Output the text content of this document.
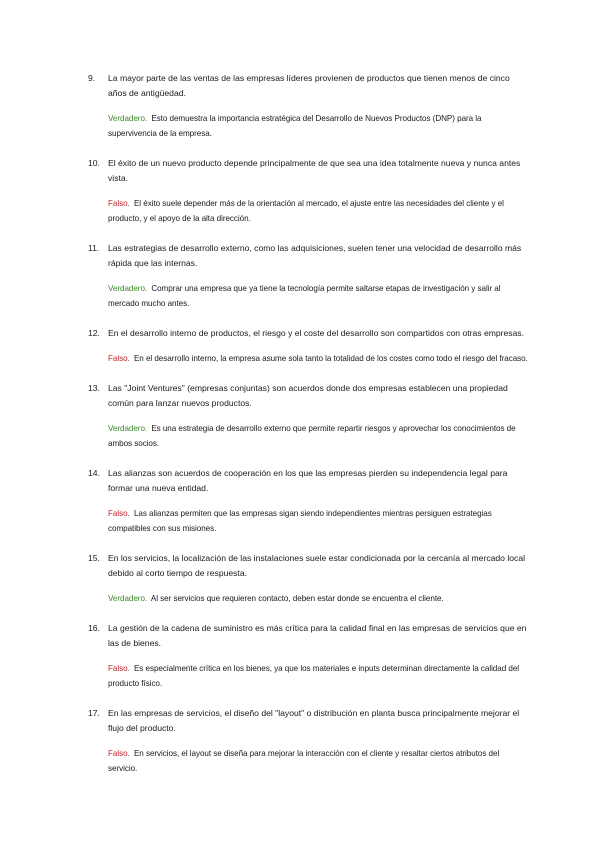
9.	La mayor parte de las ventas de las empresas líderes provienen de productos que tienen menos de cinco años de antigüedad.
Verdadero. Esto demuestra la importancia estratégica del Desarrollo de Nuevos Productos (DNP) para la supervivencia de la empresa.
10. El éxito de un nuevo producto depende principalmente de que sea una idea totalmente nueva y nunca antes vista.
Falso. El éxito suele depender más de la orientación al mercado, el ajuste entre las necesidades del cliente y el producto, y el apoyo de la alta dirección.
11.	Las estrategias de desarrollo externo, como las adquisiciones, suelen tener una velocidad de desarrollo más rápida que las internas.
Verdadero. Comprar una empresa que ya tiene la tecnología permite saltarse etapas de investigación y salir al mercado mucho antes.
12. En el desarrollo interno de productos, el riesgo y el coste del desarrollo son compartidos con otras empresas.
Falso. En el desarrollo interno, la empresa asume sola tanto la totalidad de los costes como todo el riesgo del fracaso.
13. Las "Joint Ventures" (empresas conjuntas) son acuerdos donde dos empresas establecen una propiedad común para lanzar nuevos productos.
Verdadero. Es una estrategia de desarrollo externo que permite repartir riesgos y aprovechar los conocimientos de ambos socios.
14. Las alianzas son acuerdos de cooperación en los que las empresas pierden su independencia legal para formar una nueva entidad.
Falso. Las alianzas permiten que las empresas sigan siendo independientes mientras persiguen estrategias compatibles con sus misiones.
15. En los servicios, la localización de las instalaciones suele estar condicionada por la cercanía al mercado local debido al corto tiempo de respuesta.
Verdadero. Al ser servicios que requieren contacto, deben estar donde se encuentra el cliente.
16. La gestión de la cadena de suministro es más crítica para la calidad final en las empresas de servicios que en las de bienes.
Falso. Es especialmente crítica en los bienes, ya que los materiales e inputs determinan directamente la calidad del producto físico.
17. En las empresas de servicios, el diseño del "layout" o distribución en planta busca principalmente mejorar el flujo del producto.
Falso. En servicios, el layout se diseña para mejorar la interacción con el cliente y resaltar ciertos atributos del servicio.
